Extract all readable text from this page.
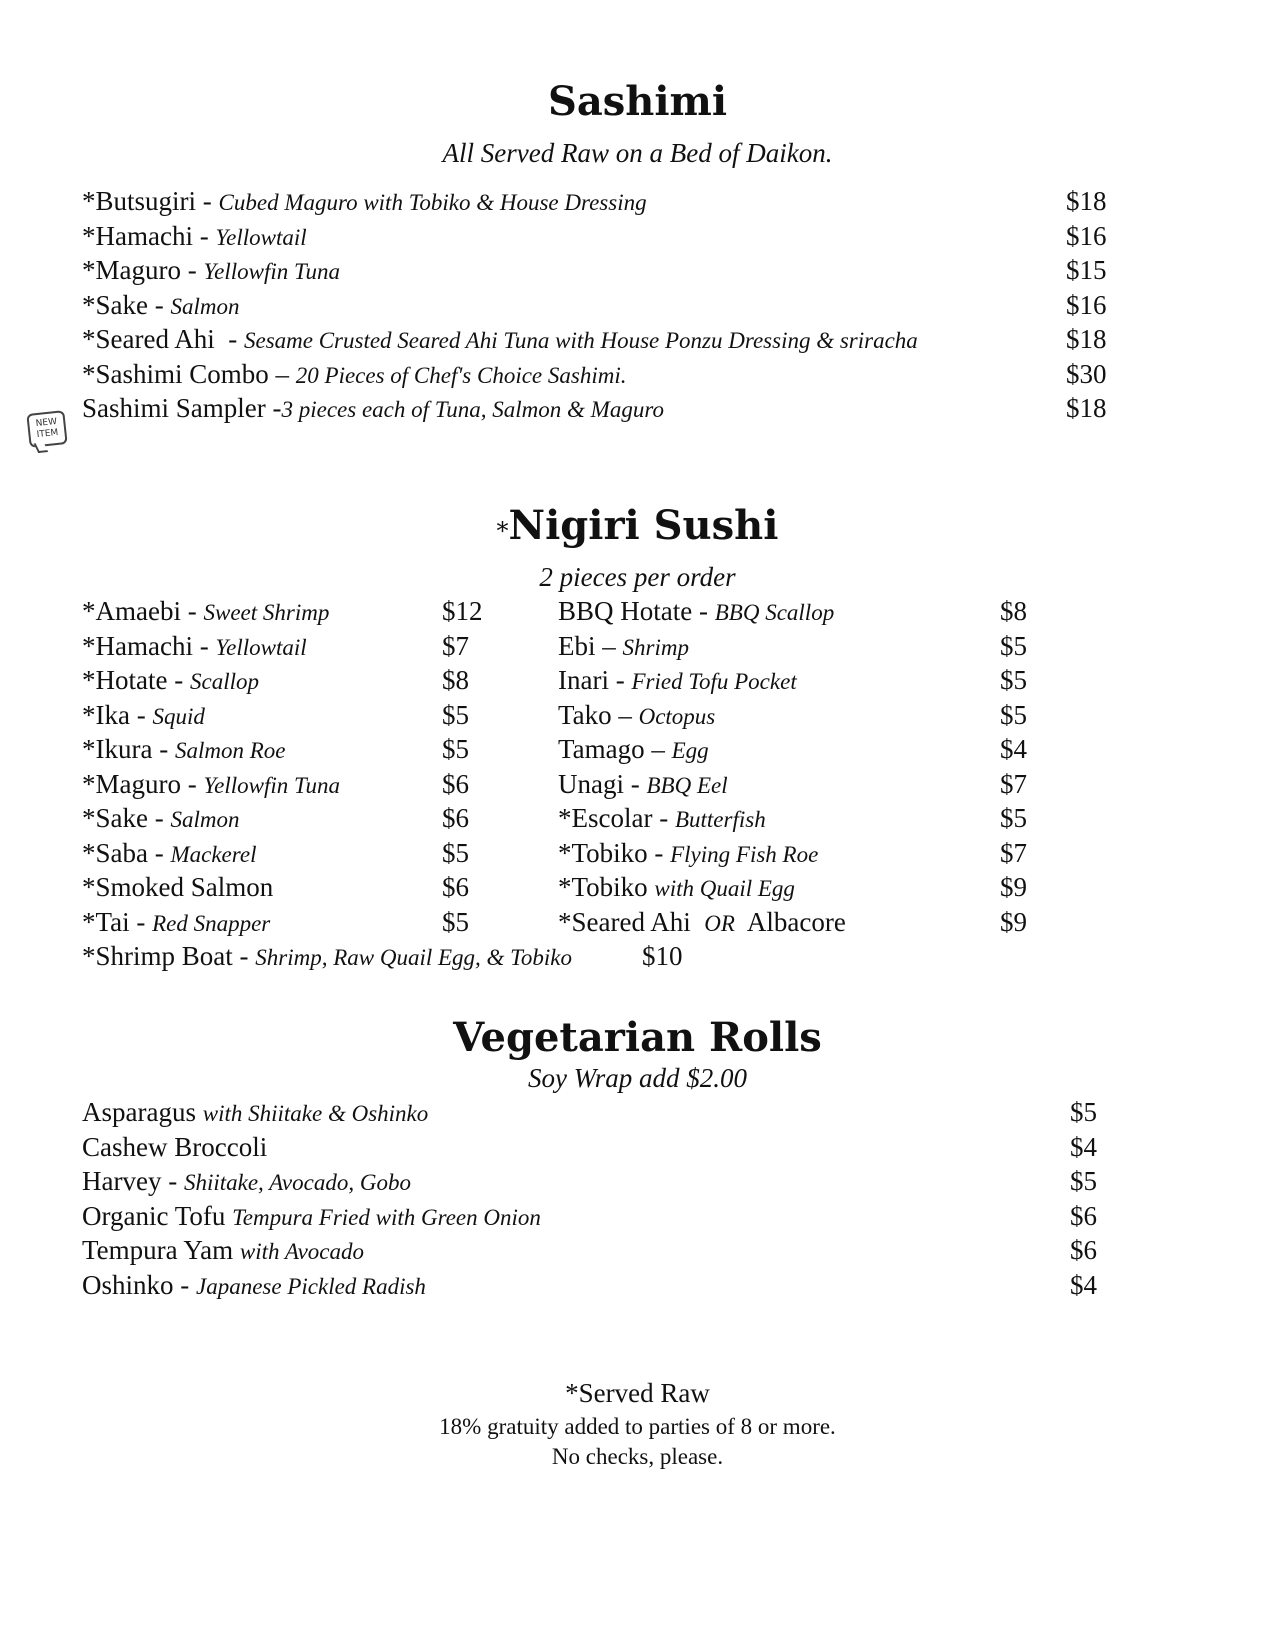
Sashimi
All Served Raw on a Bed of Daikon.
NEW ITEM
*Butsugiri - Cubed Maguro with Tobiko & House Dressing	$18
*Hamachi - Yellowtail	$16
*Maguro - Yellowfin Tuna	$15
*Sake - Salmon	$16
*Seared Ahi  - Sesame Crusted Seared Ahi Tuna with House Ponzu Dressing & sriracha	$18
*Sashimi Combo – 20 Pieces of Chef's Choice Sashimi.	$30
Sashimi Sampler -3 pieces each of Tuna, Salmon & Maguro	$18
*Nigiri Sushi
2 pieces per order
*Amaebi - Sweet Shrimp	$12
*Hamachi - Yellowtail	$7
*Hotate - Scallop	$8
*Ika - Squid	$5
*Ikura - Salmon Roe	$5
*Maguro - Yellowfin Tuna	$6
*Sake - Salmon	$6
*Saba - Mackerel	$5
*Smoked Salmon	$6
*Tai - Red Snapper	$5
BBQ Hotate - BBQ Scallop	$8
Ebi – Shrimp	$5
Inari - Fried Tofu Pocket	$5
Tako – Octopus	$5
Tamago – Egg	$4
Unagi - BBQ Eel	$7
*Escolar - Butterfish	$5
*Tobiko - Flying Fish Roe	$7
*Tobiko with Quail Egg	$9
*Seared Ahi OR  Albacore	$9
*Shrimp Boat - Shrimp, Raw Quail Egg, & Tobiko	$10
Vegetarian Rolls
Soy Wrap add $2.00
Asparagus with Shiitake & Oshinko	$5
Cashew Broccoli	$4
Harvey - Shiitake, Avocado, Gobo	$5
Organic Tofu Tempura Fried with Green Onion	$6
Tempura Yam with Avocado	$6
Oshinko - Japanese Pickled Radish	$4
*Served Raw
18% gratuity added to parties of 8 or more.
No checks, please.
